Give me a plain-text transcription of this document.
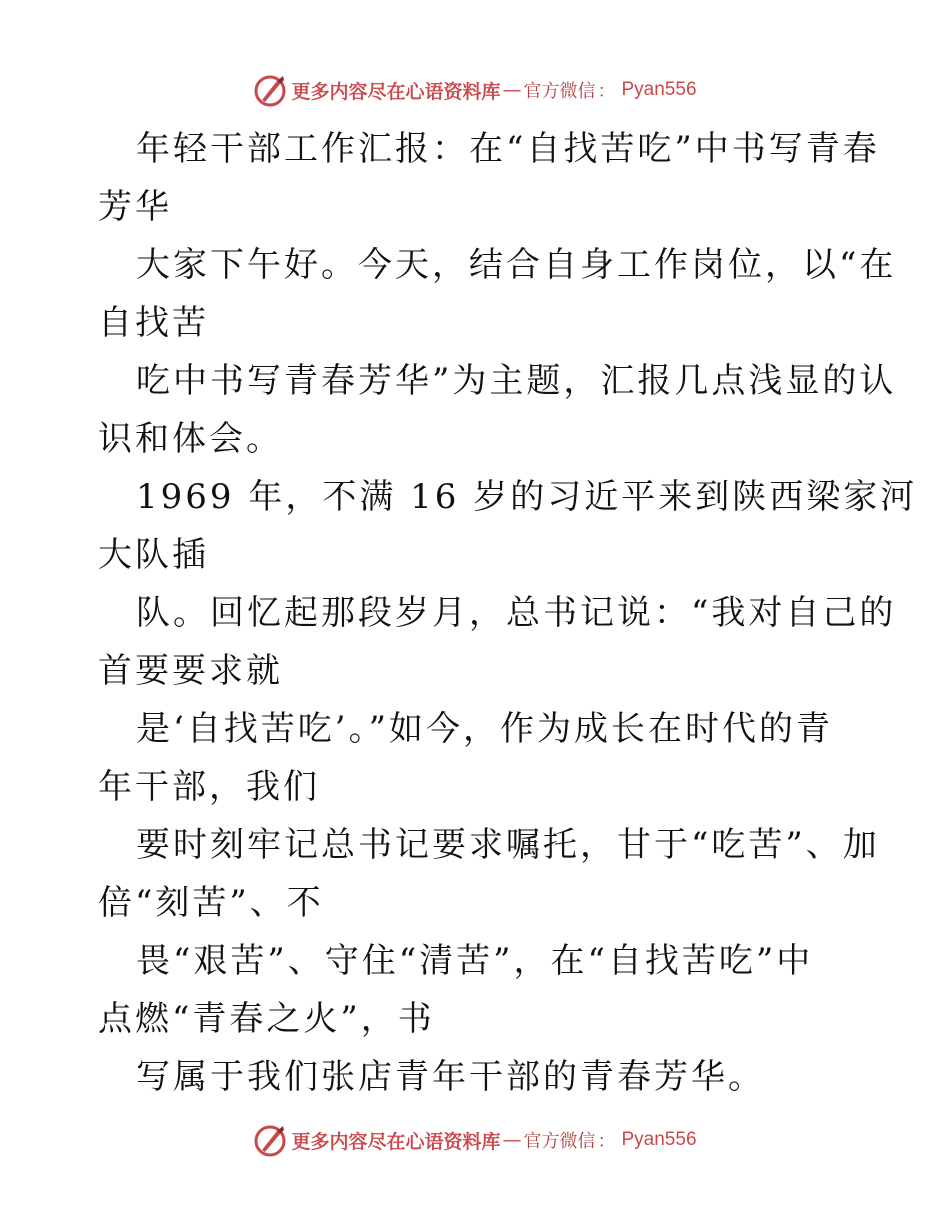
更多内容尽在心语资料库 — 官方微信 ： Pyan556
年轻干部工作汇报：在“自找苦吃”中书写青春
芳华
大家下午好。今天，结合自身工作岗位，以“在
自找苦
吃中书写青春芳华”为主题，汇报几点浅显的认
识和体会。
1969 年，不满 16 岁的习近平来到陕西梁家河
大队插
队。回忆起那段岁月，总书记说：“我对自己的
首要要求就
是‘自找苦吃’。”如今，作为成长在时代的青
年干部，我们
要时刻牢记总书记要求嘱托，甘于“吃苦”、加
倍“刻苦”、不
畏“艰苦”、守住“清苦”，在“自找苦吃”中
点燃“青春之火”，书
写属于我们张店青年干部的青春芳华。
更多内容尽在心语资料库 — 官方微信 ： Pyan556
